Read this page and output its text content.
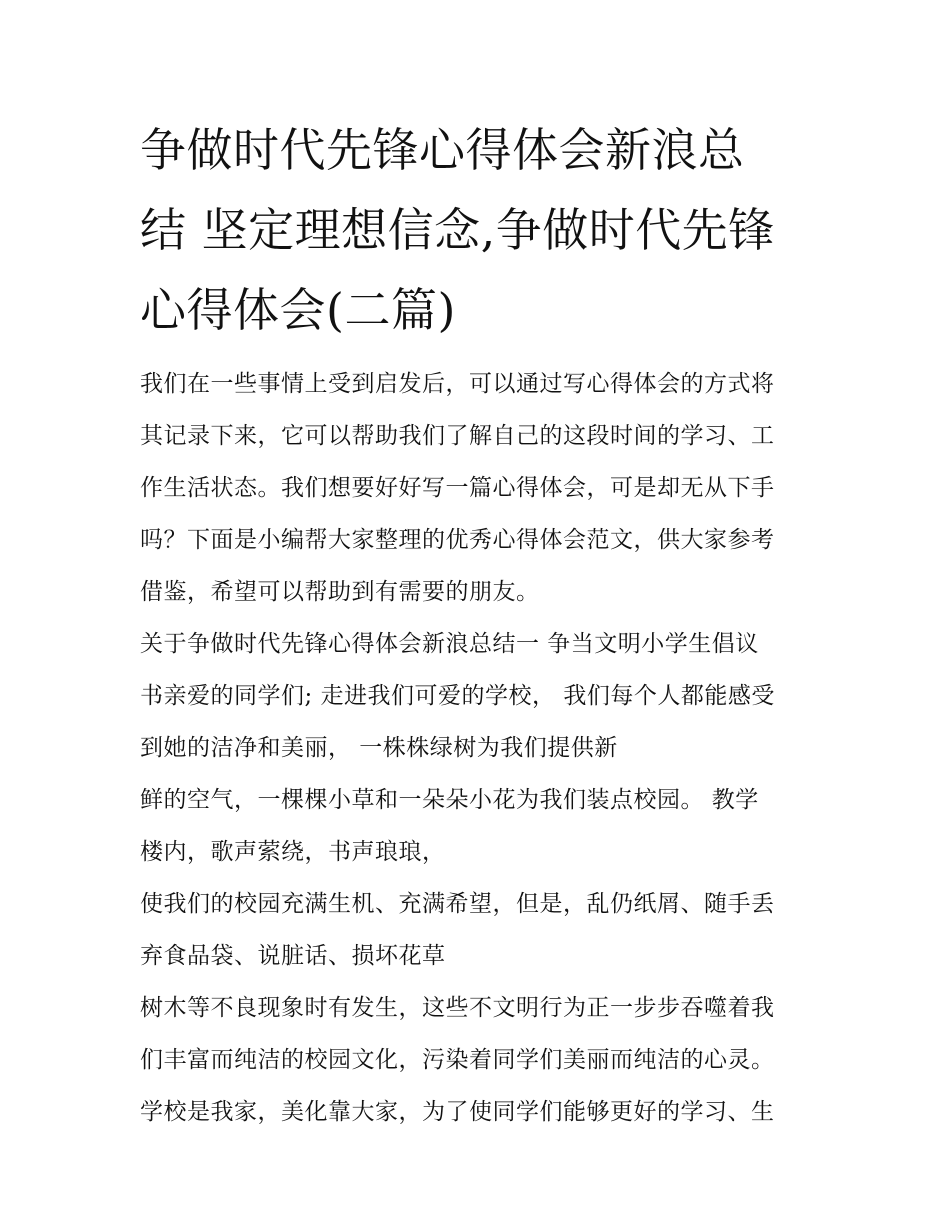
争做时代先锋心得体会新浪总
结 坚定理想信念,争做时代先锋
心得体会(二篇)
我们在一些事情上受到启发后，可以通过写心得体会的方式将
其记录下来，它可以帮助我们了解自己的这段时间的学习、工
作生活状态。我们想要好好写一篇心得体会，可是却无从下手
吗？下面是小编帮大家整理的优秀心得体会范文，供大家参考
借鉴，希望可以帮助到有需要的朋友。
关于争做时代先锋心得体会新浪总结一 争当文明小学生倡议
书亲爱的同学们; 走进我们可爱的学校， 我们每个人都能感受
到她的洁净和美丽， 一株株绿树为我们提供新
鲜的空气，一棵棵小草和一朵朵小花为我们装点校园。 教学
楼内，歌声萦绕，书声琅琅，
使我们的校园充满生机、充满希望，但是，乱仍纸屑、随手丢
弃食品袋、说脏话、损坏花草
树木等不良现象时有发生，这些不文明行为正一步步吞噬着我
们丰富而纯洁的校园文化，污染着同学们美丽而纯洁的心灵。
学校是我家，美化靠大家，为了使同学们能够更好的学习、生
